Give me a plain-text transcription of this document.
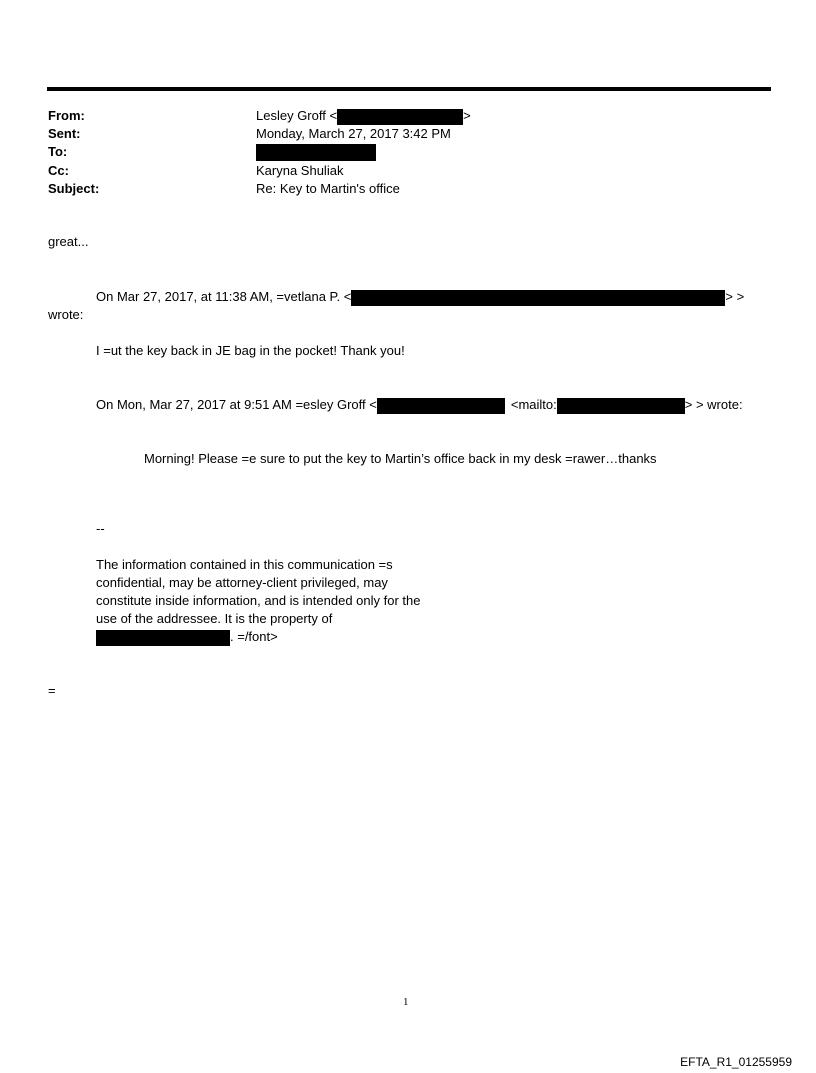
From:	Lesley Groff <	>
Sent:	Monday, March 27, 2017 3:42 PM
To:
Cc:	Karyna Shuliak
Subject:	Re: Key to Martin's office
great...
On Mar 27, 2017, at 11:38 AM, =vetlana P. <	> >
wrote:
I =ut the key back in JE bag in the pocket! Thank you!
On Mon, Mar 27, 2017 at 9:51 AM =esley Groff <	<mailto:	> > wrote:
Morning! Please =e sure to put the key to Martin’s office back in my desk =rawer…thanks
--
The information contained in this communication =s confidential, may be attorney-client privileged, may constitute inside information, and is intended only for the use of the addressee. It is the property of
. =/font>
=
1
EFTA_R1_01255959
